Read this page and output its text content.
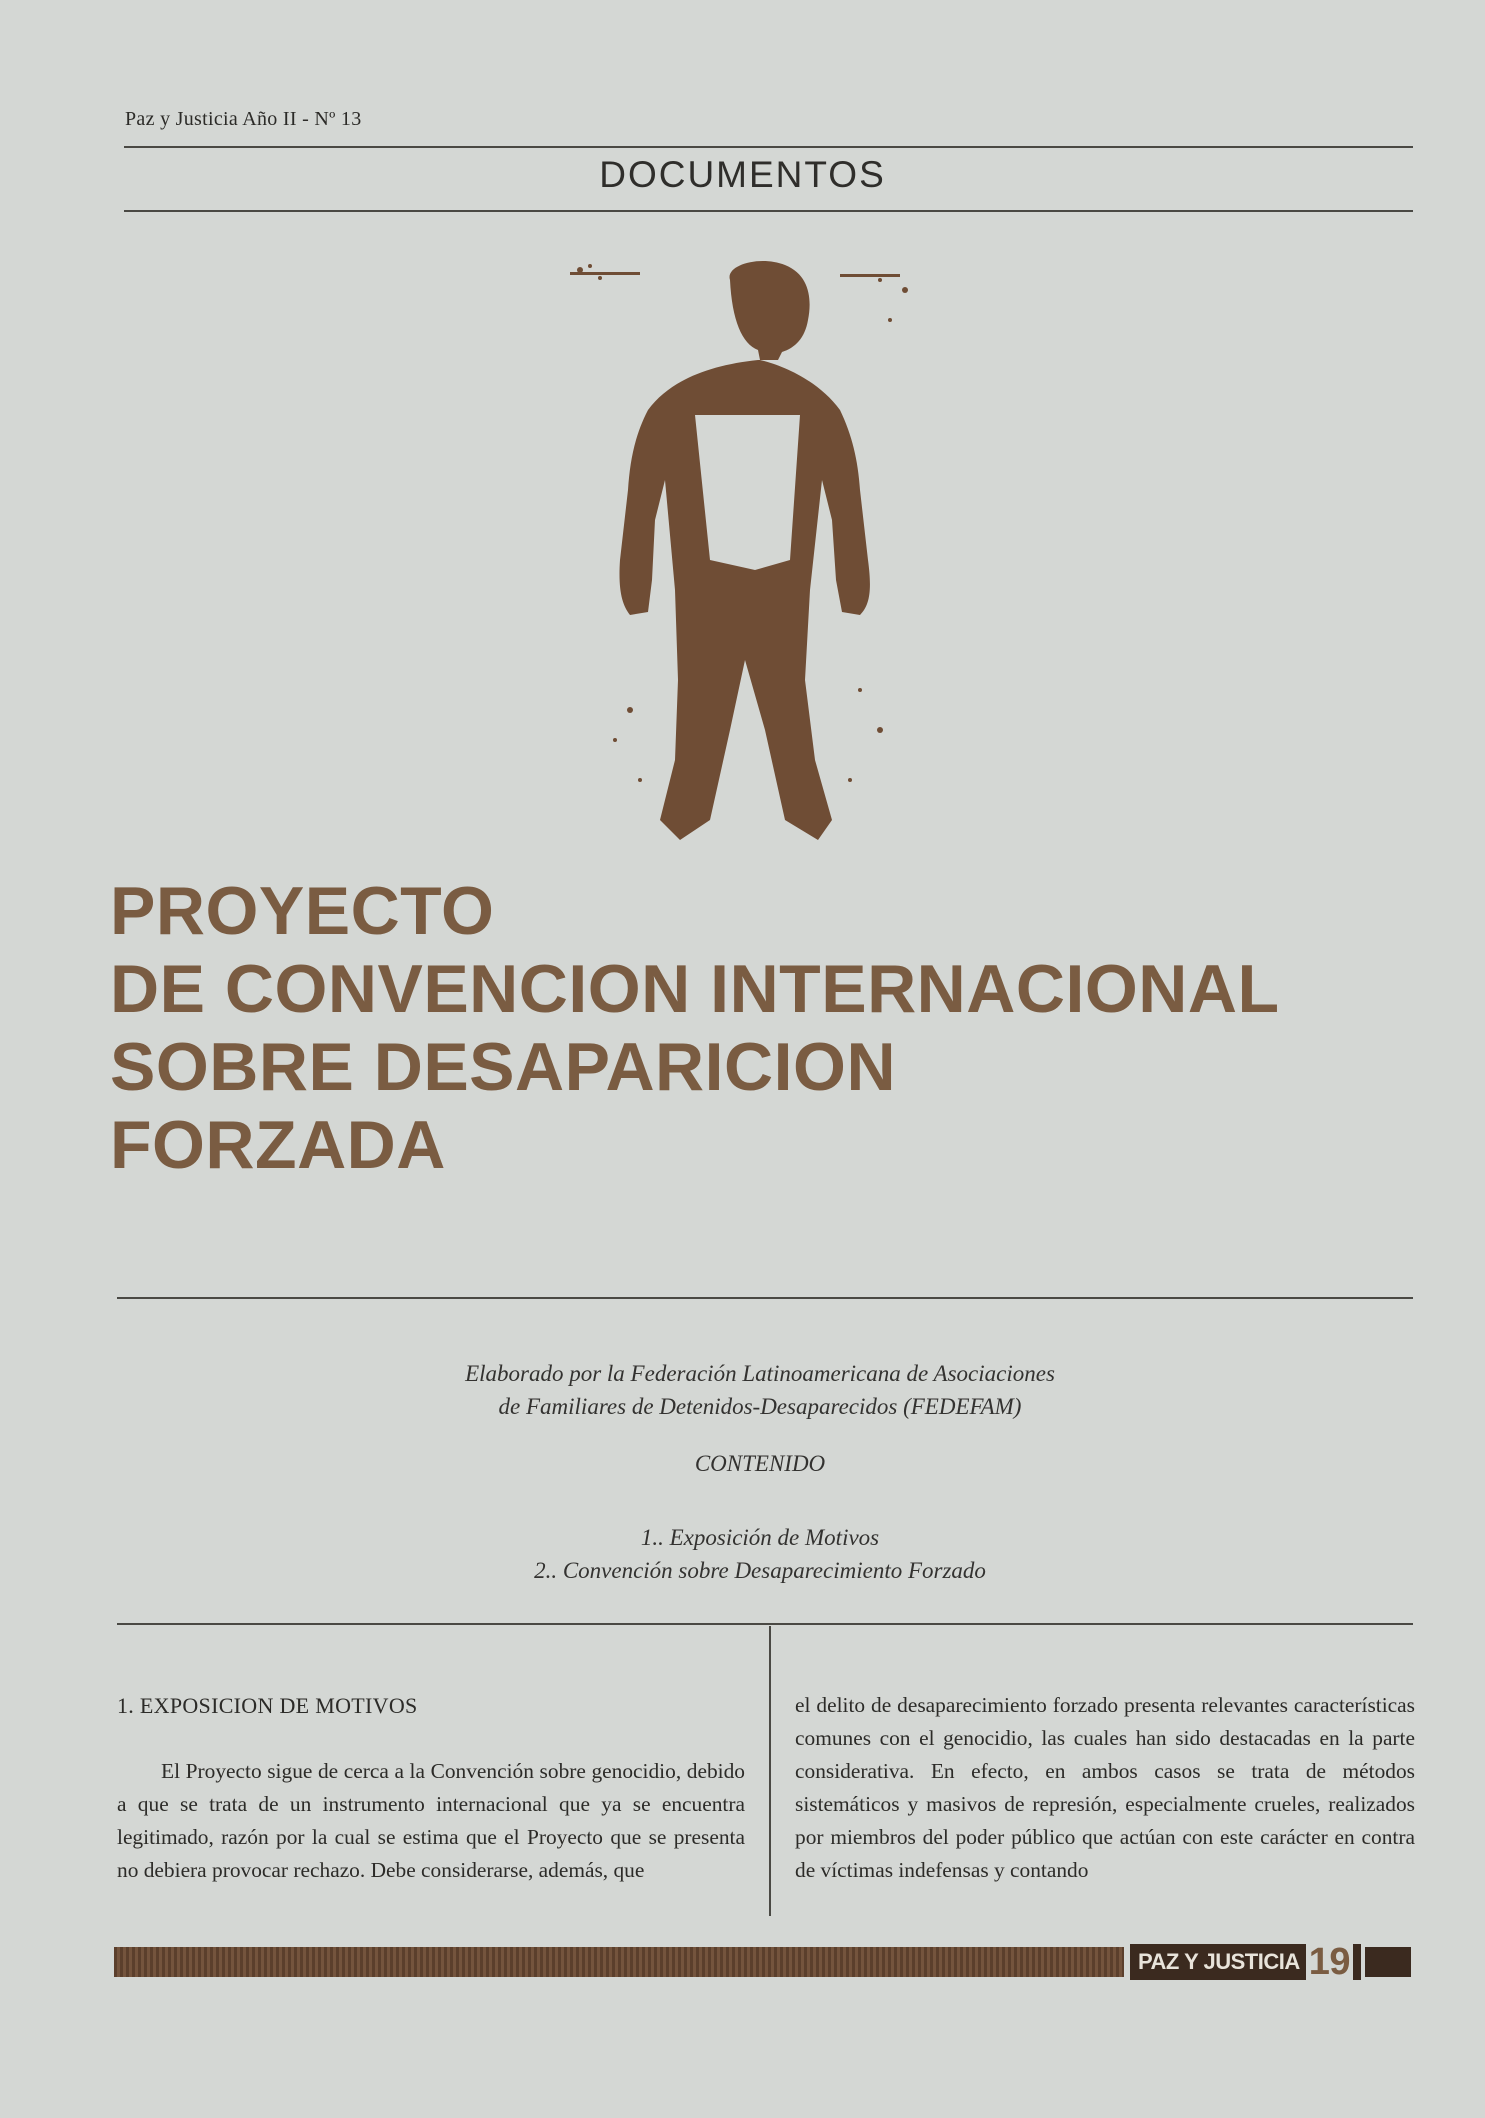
Paz y Justicia Año II - Nº 13
DOCUMENTOS
PROYECTO
DE CONVENCION INTERNACIONAL
SOBRE DESAPARICION
FORZADA
Elaborado por la Federación Latinoamericana de Asociaciones
de Familiares de Detenidos-Desaparecidos (FEDEFAM)
CONTENIDO
1.. Exposición de Motivos
2.. Convención sobre Desaparecimiento Forzado

1. EXPOSICION DE MOTIVOS

El Proyecto sigue de cerca a la Convención sobre genocidio, debido a que se trata de un instrumento internacional que ya se encuentra legitimado, razón por la cual se estima que el Proyecto que se presenta no debiera provocar rechazo. Debe considerarse, además, que

el delito de desaparecimiento forzado presenta relevantes características comunes con el genocidio, las cuales han sido destacadas en la parte considerativa. En efecto, en ambos casos se trata de métodos sistemáticos y masivos de represión, especialmente crueles, realizados por miembros del poder público que actúan con este carácter en contra de víctimas indefensas y contando

PAZ Y JUSTICIA 19
